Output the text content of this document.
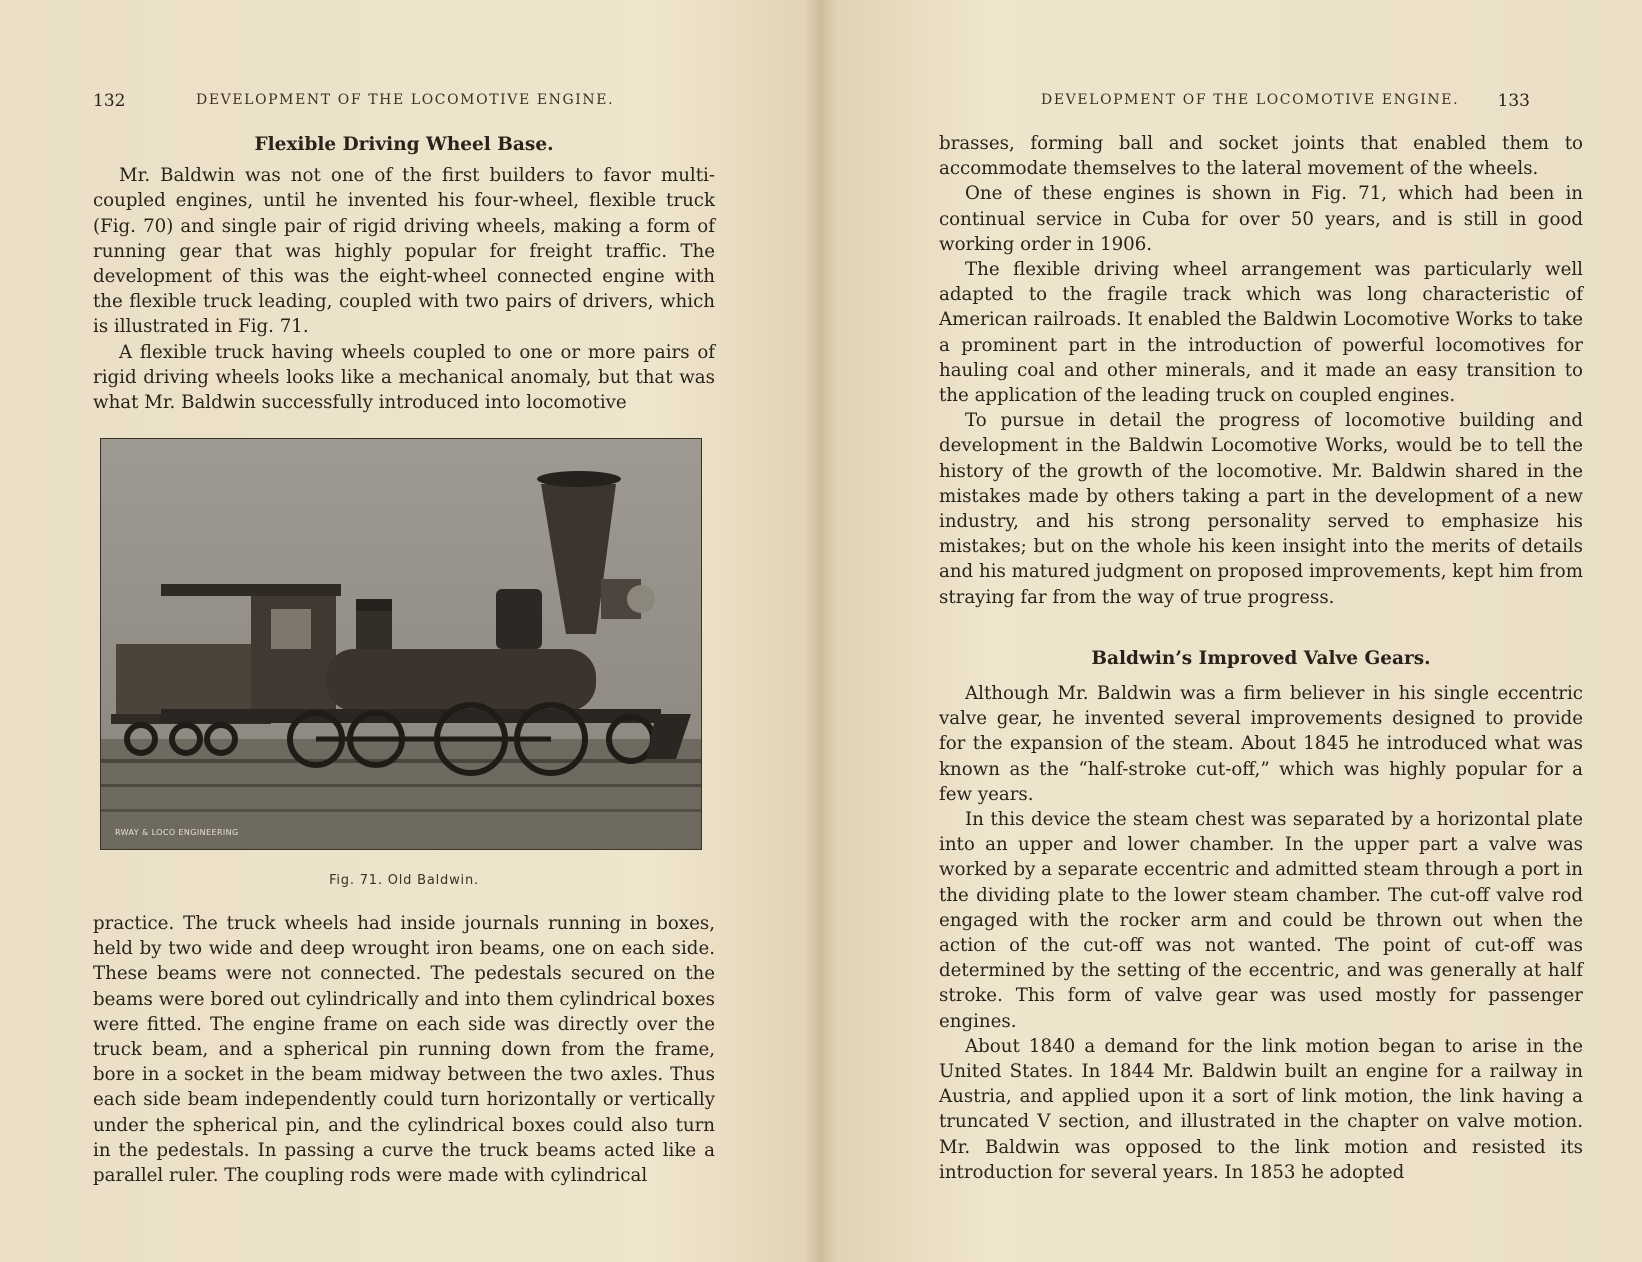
132	DEVELOPMENT OF THE LOCOMOTIVE ENGINE.
Flexible Driving Wheel Base.

Mr. Baldwin was not one of the first builders to favor multi-coupled engines, until he invented his four-wheel, flexible truck (Fig. 70) and single pair of rigid driving wheels, making a form of running gear that was highly popular for freight traffic. The development of this was the eight-wheel connected engine with the flexible truck leading, coupled with two pairs of drivers, which is illustrated in Fig. 71.

A flexible truck having wheels coupled to one or more pairs of rigid driving wheels looks like a mechanical anomaly, but that was what Mr. Baldwin successfully introduced into locomotive

RWAY & LOCO ENGINEERING
Fig. 71. Old Baldwin.

practice. The truck wheels had inside journals running in boxes, held by two wide and deep wrought iron beams, one on each side. These beams were not connected. The pedestals secured on the beams were bored out cylindrically and into them cylindrical boxes were fitted. The engine frame on each side was directly over the truck beam, and a spherical pin running down from the frame, bore in a socket in the beam midway between the two axles. Thus each side beam independently could turn horizontally or vertically under the spherical pin, and the cylindrical boxes could also turn in the pedestals. In passing a curve the truck beams acted like a parallel ruler. The coupling rods were made with cylindrical

DEVELOPMENT OF THE LOCOMOTIVE ENGINE. 133

brasses, forming ball and socket joints that enabled them to accommodate themselves to the lateral movement of the wheels.

One of these engines is shown in Fig. 71, which had been in continual service in Cuba for over 50 years, and is still in good working order in 1906.

The flexible driving wheel arrangement was particularly well adapted to the fragile track which was long characteristic of American railroads. It enabled the Baldwin Locomotive Works to take a prominent part in the introduction of powerful locomotives for hauling coal and other minerals, and it made an easy transition to the application of the leading truck on coupled engines.

To pursue in detail the progress of locomotive building and development in the Baldwin Locomotive Works, would be to tell the history of the growth of the locomotive. Mr. Baldwin shared in the mistakes made by others taking a part in the development of a new industry, and his strong personality served to emphasize his mistakes; but on the whole his keen insight into the merits of details and his matured judgment on proposed improvements, kept him from straying far from the way of true progress.

Baldwin’s Improved Valve Gears.

Although Mr. Baldwin was a firm believer in his single eccentric valve gear, he invented several improvements designed to provide for the expansion of the steam. About 1845 he introduced what was known as the “half-stroke cut-off,” which was highly popular for a few years.

In this device the steam chest was separated by a horizontal plate into an upper and lower chamber. In the upper part a valve was worked by a separate eccentric and admitted steam through a port in the dividing plate to the lower steam chamber. The cut-off valve rod engaged with the rocker arm and could be thrown out when the action of the cut-off was not wanted. The point of cut-off was determined by the setting of the eccentric, and was generally at half stroke. This form of valve gear was used mostly for passenger engines.

About 1840 a demand for the link motion began to arise in the United States. In 1844 Mr. Baldwin built an engine for a railway in Austria, and applied upon it a sort of link motion, the link having a truncated V section, and illustrated in the chapter on valve motion. Mr. Baldwin was opposed to the link motion and resisted its introduction for several years. In 1853 he adopted
